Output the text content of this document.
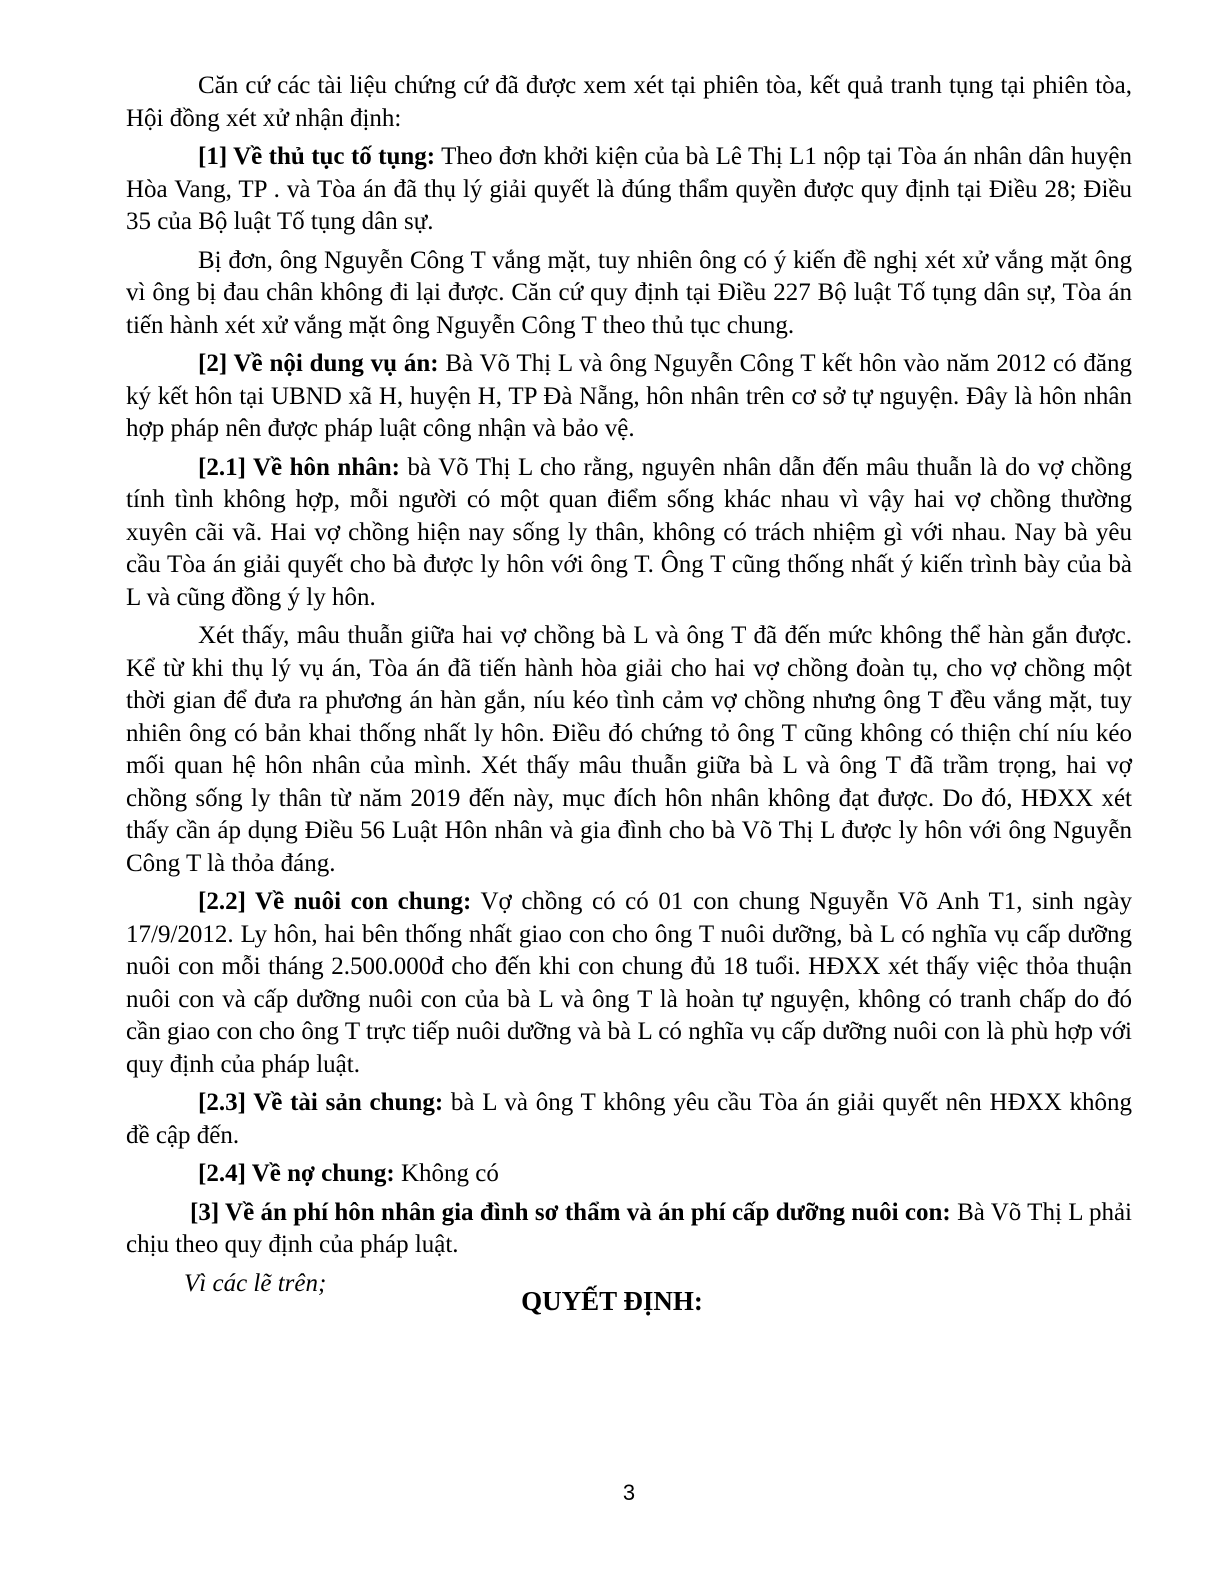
Căn cứ các tài liệu chứng cứ đã được xem xét tại phiên tòa, kết quả tranh tụng tại phiên tòa, Hội đồng xét xử nhận định:

[1] Về thủ tục tố tụng: Theo đơn khởi kiện của bà Lê Thị L1 nộp tại Tòa án nhân dân huyện Hòa Vang, TP . và Tòa án đã thụ lý giải quyết là đúng thẩm quyền được quy định tại Điều 28; Điều 35 của Bộ luật Tố tụng dân sự.

Bị đơn, ông Nguyễn Công T vắng mặt, tuy nhiên ông có ý kiến đề nghị xét xử vắng mặt ông vì ông bị đau chân không đi lại được. Căn cứ quy định tại Điều 227 Bộ luật Tố tụng dân sự, Tòa án tiến hành xét xử vắng mặt ông Nguyễn Công T theo thủ tục chung.

[2] Về nội dung vụ án: Bà Võ Thị L và ông Nguyễn Công T kết hôn vào năm 2012 có đăng ký kết hôn tại UBND xã H, huyện H, TP Đà Nẵng, hôn nhân trên cơ sở tự nguyện. Đây là hôn nhân hợp pháp nên được pháp luật công nhận và bảo vệ.

[2.1] Về hôn nhân: bà Võ Thị L cho rằng, nguyên nhân dẫn đến mâu thuẫn là do vợ chồng tính tình không hợp, mỗi người có một quan điểm sống khác nhau vì vậy hai vợ chồng thường xuyên cãi vã. Hai vợ chồng hiện nay sống ly thân, không có trách nhiệm gì với nhau. Nay bà yêu cầu Tòa án giải quyết cho bà được ly hôn với ông T. Ông T cũng thống nhất ý kiến trình bày của bà L và cũng đồng ý ly hôn.

Xét thấy, mâu thuẫn giữa hai vợ chồng bà L và ông T đã đến mức không thể hàn gắn được. Kể từ khi thụ lý vụ án, Tòa án đã tiến hành hòa giải cho hai vợ chồng đoàn tụ, cho vợ chồng một thời gian để đưa ra phương án hàn gắn, níu kéo tình cảm vợ chồng nhưng ông T đều vắng mặt, tuy nhiên ông có bản khai thống nhất ly hôn. Điều đó chứng tỏ ông T cũng không có thiện chí níu kéo mối quan hệ hôn nhân của mình. Xét thấy mâu thuẫn giữa bà L và ông T đã trầm trọng, hai vợ chồng sống ly thân từ năm 2019 đến này, mục đích hôn nhân không đạt được. Do đó, HĐXX xét thấy cần áp dụng Điều 56 Luật Hôn nhân và gia đình cho bà Võ Thị L được ly hôn với ông Nguyễn Công T là thỏa đáng.

[2.2] Về nuôi con chung: Vợ chồng có có 01 con chung Nguyễn Võ Anh T1, sinh ngày 17/9/2012. Ly hôn, hai bên thống nhất giao con cho ông T nuôi dưỡng, bà L có nghĩa vụ cấp dưỡng nuôi con mỗi tháng 2.500.000đ cho đến khi con chung đủ 18 tuổi. HĐXX xét thấy việc thỏa thuận nuôi con và cấp dưỡng nuôi con của bà L và ông T là hoàn tự nguyện, không có tranh chấp do đó cần giao con cho ông T trực tiếp nuôi dưỡng và bà L có nghĩa vụ cấp dưỡng nuôi con là phù hợp với quy định của pháp luật.

[2.3] Về tài sản chung: bà L và ông T không yêu cầu Tòa án giải quyết nên HĐXX không đề cập đến.

[2.4] Về nợ chung: Không có

[3] Về án phí hôn nhân gia đình sơ thẩm và án phí cấp dưỡng nuôi con: Bà Võ Thị L phải chịu theo quy định của pháp luật.

Vì các lẽ trên;

QUYẾT ĐỊNH:
3
